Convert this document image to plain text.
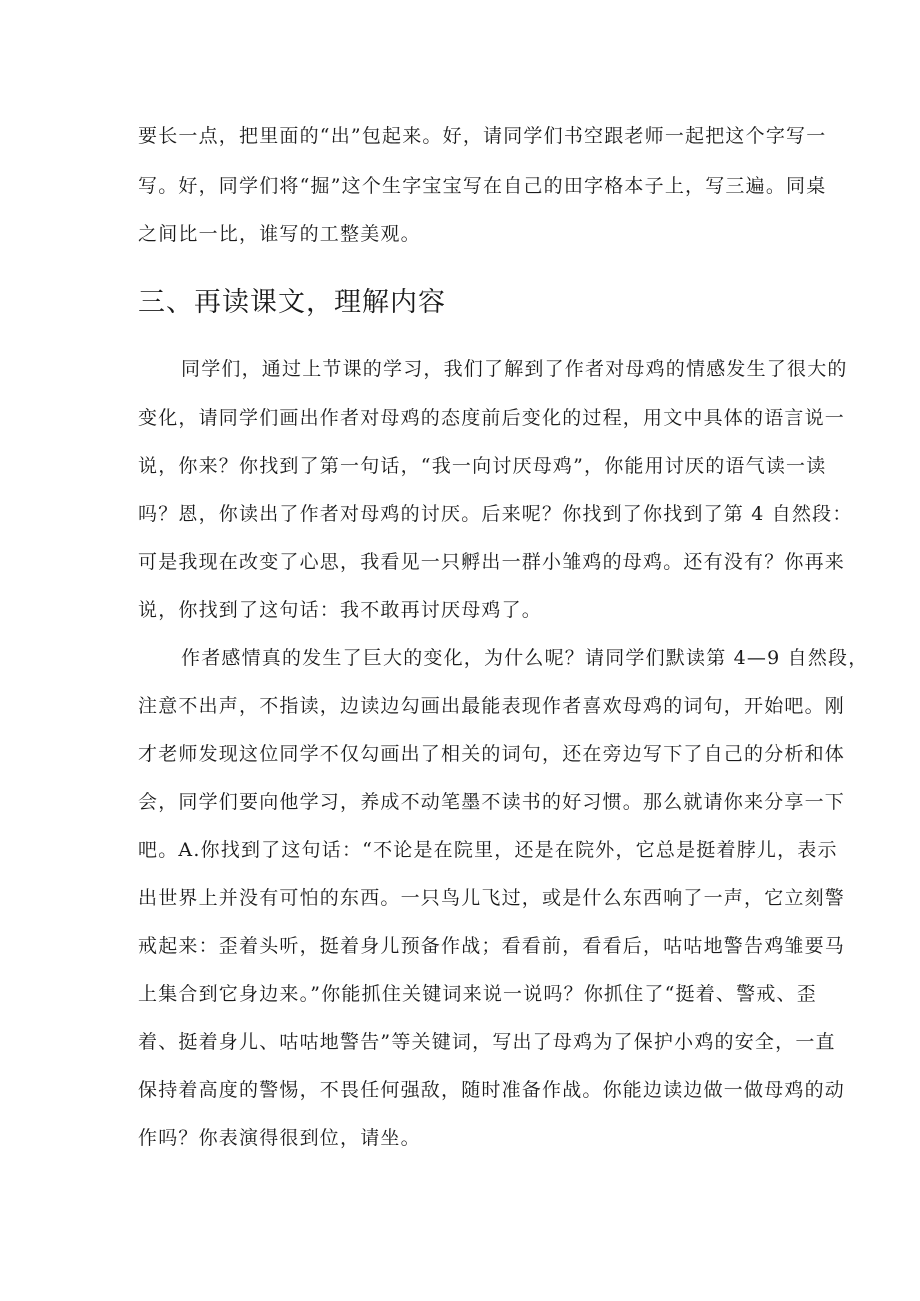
要长一点，把里面的“出”包起来。好，请同学们书空跟老师一起把这个字写一
写。好，同学们将“掘”这个生字宝宝写在自己的田字格本子上，写三遍。同桌
之间比一比，谁写的工整美观。
三、再读课文，理解内容
同学们，通过上节课的学习，我们了解到了作者对母鸡的情感发生了很大的
变化，请同学们画出作者对母鸡的态度前后变化的过程，用文中具体的语言说一
说，你来？你找到了第一句话，“我一向讨厌母鸡”，你能用讨厌的语气读一读
吗？恩，你读出了作者对母鸡的讨厌。后来呢？你找到了你找到了第 4 自然段：
可是我现在改变了心思，我看见一只孵出一群小雏鸡的母鸡。还有没有？你再来
说，你找到了这句话：我不敢再讨厌母鸡了。
作者感情真的发生了巨大的变化，为什么呢？请同学们默读第 4—9 自然段，
注意不出声，不指读，边读边勾画出最能表现作者喜欢母鸡的词句，开始吧。刚
才老师发现这位同学不仅勾画出了相关的词句，还在旁边写下了自己的分析和体
会，同学们要向他学习，养成不动笔墨不读书的好习惯。那么就请你来分享一下
吧。A.你找到了这句话：“不论是在院里，还是在院外，它总是挺着脖儿，表示
出世界上并没有可怕的东西。一只鸟儿飞过，或是什么东西响了一声，它立刻警
戒起来：歪着头听，挺着身儿预备作战；看看前，看看后，咕咕地警告鸡雏要马
上集合到它身边来。”你能抓住关键词来说一说吗？你抓住了“挺着、警戒、歪
着、挺着身儿、咕咕地警告”等关键词，写出了母鸡为了保护小鸡的安全，一直
保持着高度的警惕，不畏任何强敌，随时准备作战。你能边读边做一做母鸡的动
作吗？你表演得很到位，请坐。
